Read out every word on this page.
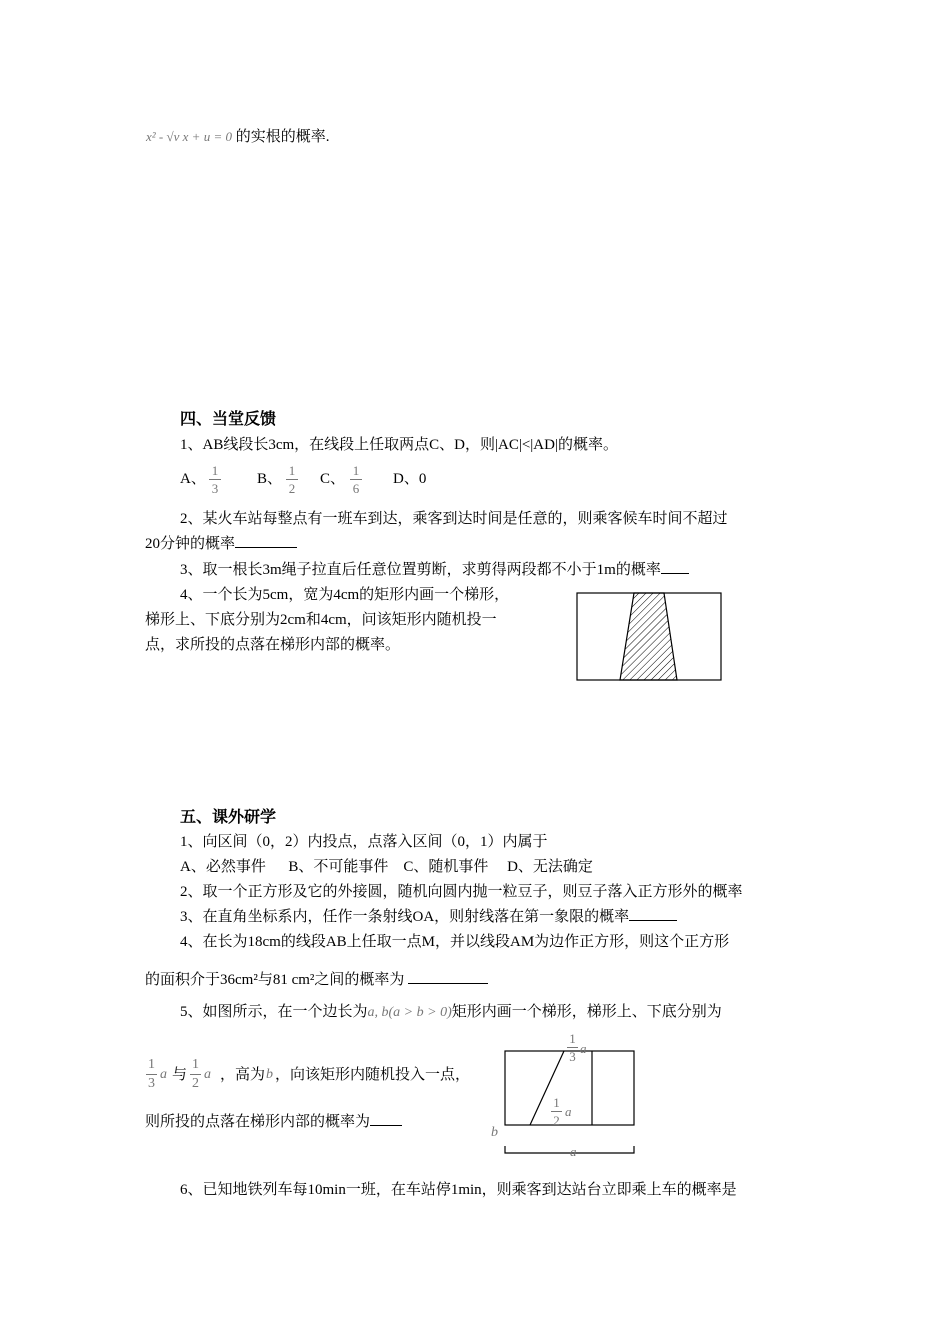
x² - √v x + u = 0 的实根的概率.
四、当堂反馈
1、AB线段长3cm，在线段上任取两点C、D，则|AC|<|AD|的概率。
A、
1
3
B、
1
2
C、
1
6
D、0
2、某火车站每整点有一班车到达，乘客到达时间是任意的，则乘客候车时间不超过
20分钟的概率
3、取一根长3m绳子拉直后任意位置剪断，求剪得两段都不小于1m的概率
4、一个长为5cm，宽为4cm的矩形内画一个梯形，
梯形上、下底分别为2cm和4cm，问该矩形内随机投一
点，求所投的点落在梯形内部的概率。
五、课外研学
1、向区间（0，2）内投点，点落入区间（0，1）内属于
A、必然事件      B、不可能事件    C、随机事件     D、无法确定
2、取一个正方形及它的外接圆，随机向圆内抛一粒豆子，则豆子落入正方形外的概率
3、在直角坐标系内，任作一条射线OA，则射线落在第一象限的概率
4、在长为18cm的线段AB上任取一点M，并以线段AM为边作正方形，则这个正方形
的面积介于36cm²与81 cm²之间的概率为
5、如图所示，在一个边长为a, b(a > b > 0)矩形内画一个梯形，梯形上、下底分别为
1
3
a 与
1
2
a ，高为 b ，向该矩形内随机投入一点，
则所投的点落在梯形内部的概率为
1
3
a
1
2
a
b
a
6、已知地铁列车每10min一班，在车站停1min，则乘客到达站台立即乘上车的概率是
